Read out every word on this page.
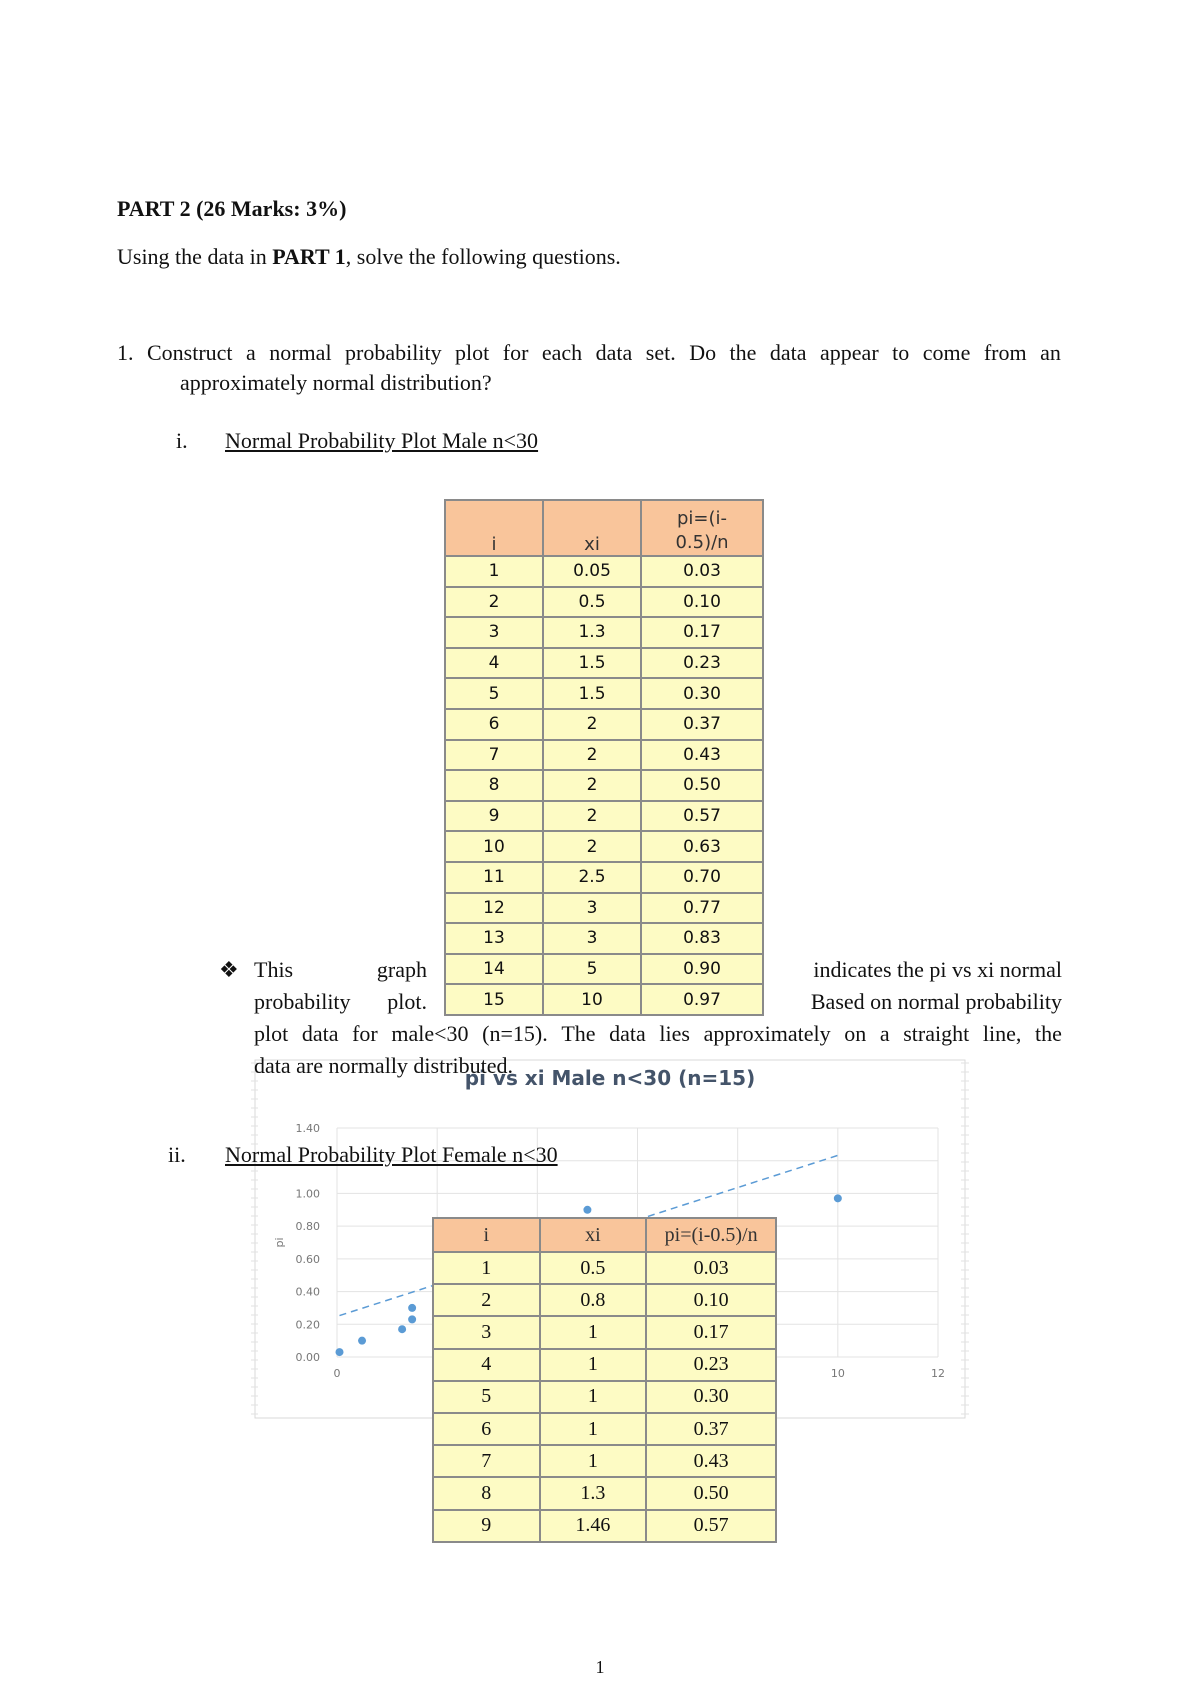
PART 2 (26 Marks: 3%)
Using the data in PART 1, solve the following questions.
1. Construct a normal probability plot for each data set. Do the data appear to come from an
approximately normal distribution?
i. Normal Probability Plot Male n<30
pi vs xi Male n<30 (n=15)
pi
0.00
0.20
0.40
0.60
0.80
1.00
1.40
0	10	12
i	xi	pi=(i-
0.5)/n
1	0.05	0.03
2	0.5	0.10
3	1.3	0.17
4	1.5	0.23
5	1.5	0.30
6	2	0.37
7	2	0.43
8	2	0.50
9	2	0.57
10	2	0.63
11	2.5	0.70
12	3	0.77
13	3	0.83
14	5	0.90
15	10	0.97
ii. Normal Probability Plot Female n<30
i	xi	pi=(i-0.5)/n
1	0.5	0.03
2	0.8	0.10
3	1	0.17
4	1	0.23
5	1	0.30
6	1	0.37
7	1	0.43
8	1.3	0.50
9	1.46	0.57
❖ This	graph	indicates the pi vs xi normal
probability plot.	Based on normal probability
plot data for male<30 (n=15). The data lies approximately on a straight line, the
data are normally distributed.
1
